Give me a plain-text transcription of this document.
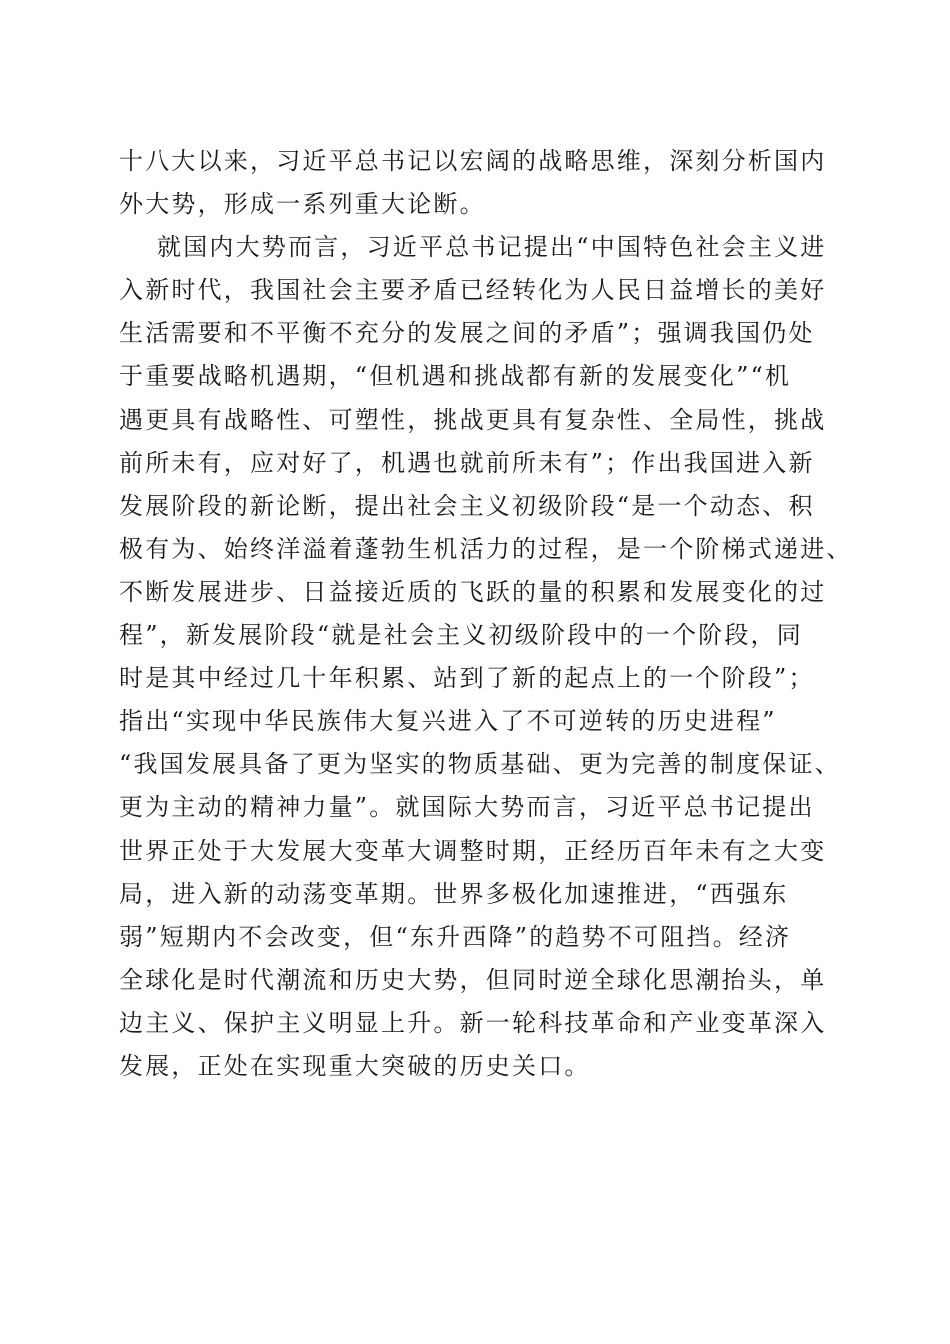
十八大以来，习近平总书记以宏阔的战略思维，深刻分析国内
外大势，形成一系列重大论断。
就国内大势而言，习近平总书记提出“中国特色社会主义进
入新时代，我国社会主要矛盾已经转化为人民日益增长的美好
生活需要和不平衡不充分的发展之间的矛盾”；强调我国仍处
于重要战略机遇期，“但机遇和挑战都有新的发展变化”“机
遇更具有战略性、可塑性，挑战更具有复杂性、全局性，挑战
前所未有，应对好了，机遇也就前所未有”；作出我国进入新
发展阶段的新论断，提出社会主义初级阶段“是一个动态、积
极有为、始终洋溢着蓬勃生机活力的过程，是一个阶梯式递进、
不断发展进步、日益接近质的飞跃的量的积累和发展变化的过
程”，新发展阶段“就是社会主义初级阶段中的一个阶段，同
时是其中经过几十年积累、站到了新的起点上的一个阶段”；
指出“实现中华民族伟大复兴进入了不可逆转的历史进程”
“我国发展具备了更为坚实的物质基础、更为完善的制度保证、
更为主动的精神力量”。就国际大势而言，习近平总书记提出
世界正处于大发展大变革大调整时期，正经历百年未有之大变
局，进入新的动荡变革期。世界多极化加速推进，“西强东
弱”短期内不会改变，但“东升西降”的趋势不可阻挡。经济
全球化是时代潮流和历史大势，但同时逆全球化思潮抬头，单
边主义、保护主义明显上升。新一轮科技革命和产业变革深入
发展，正处在实现重大突破的历史关口。
